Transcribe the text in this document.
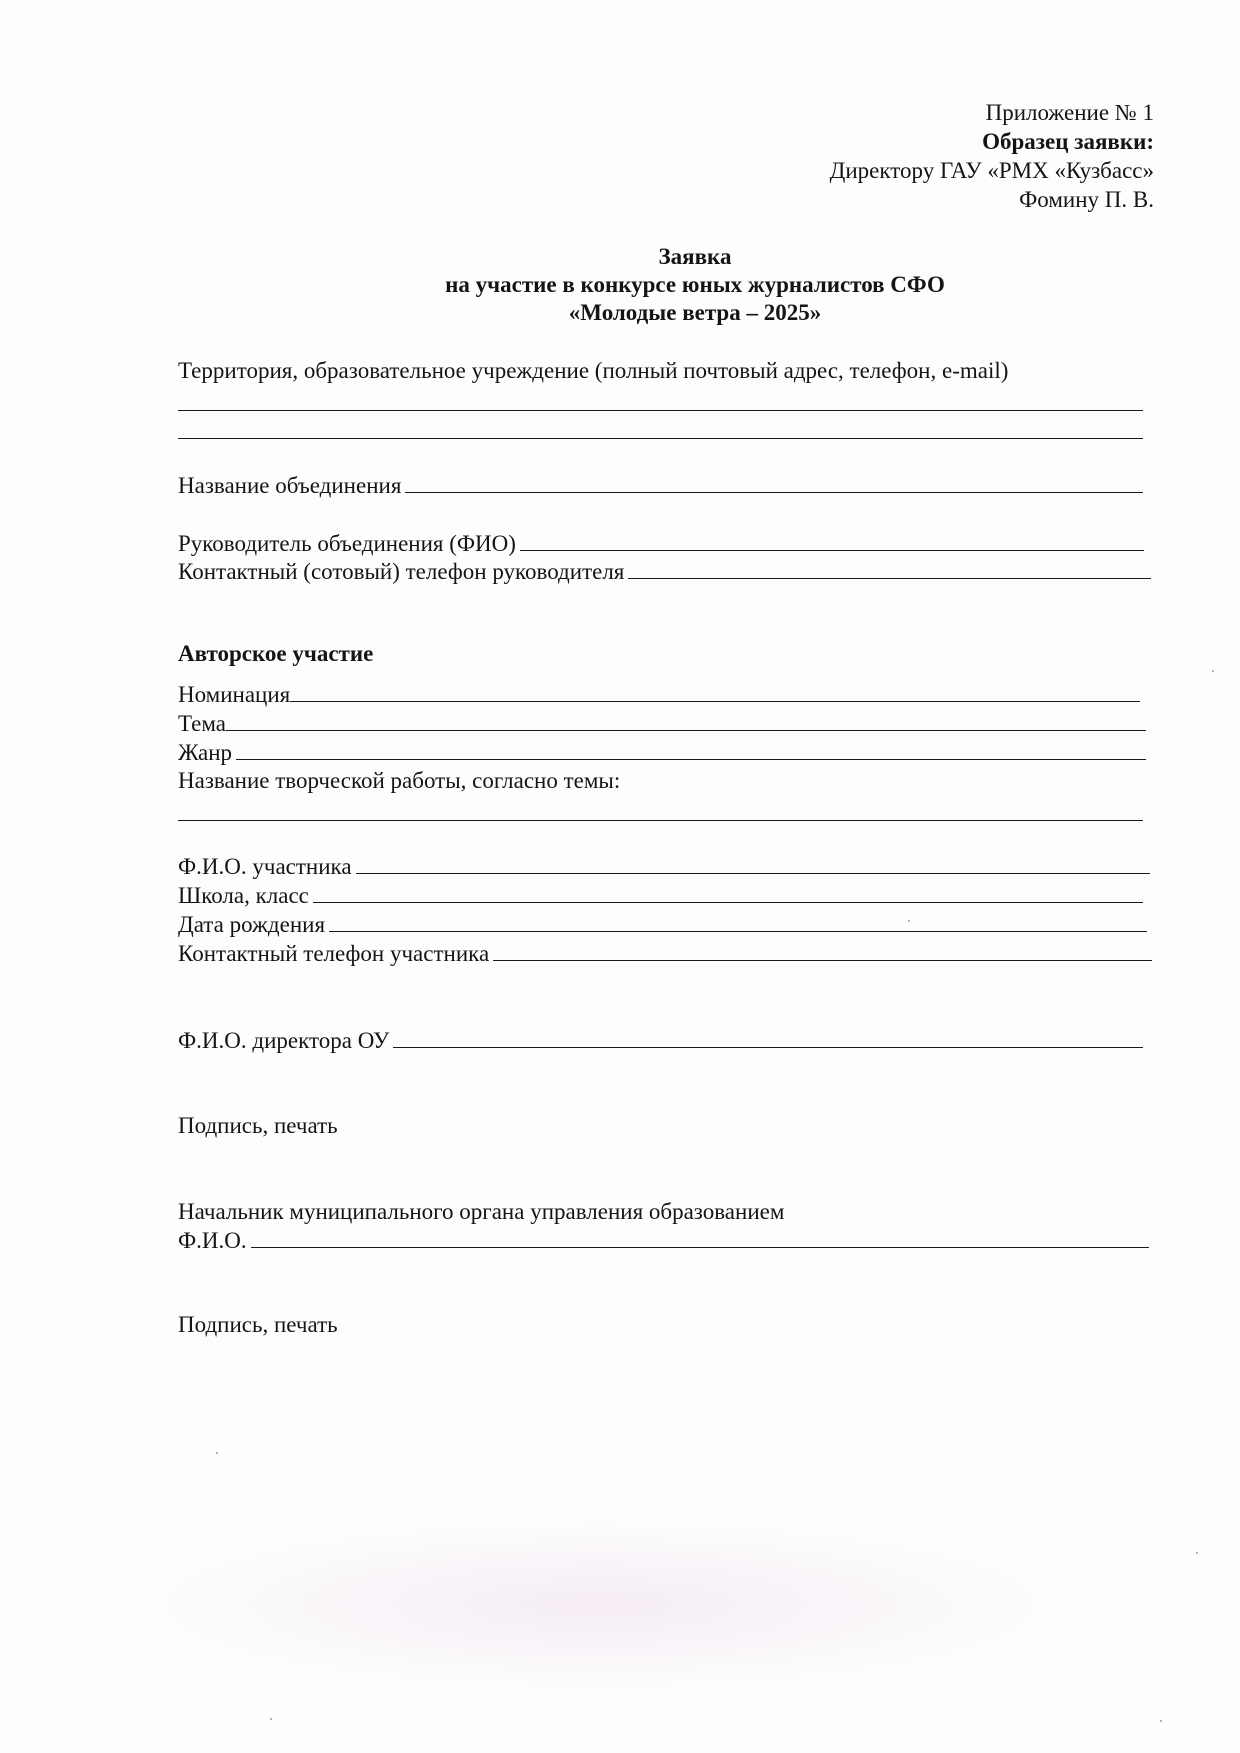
Приложение № 1
Образец заявки:
Директору ГАУ «РМХ «Кузбасс»
Фомину П. В.
Заявка
на участие в конкурсе юных журналистов СФО
«Молодые ветра – 2025»
Территория, образовательное учреждение (полный почтовый адрес, телефон, e-mail)
Название объединения
Руководитель объединения (ФИО)
Контактный (сотовый) телефон руководителя
Авторское участие
Номинация
Тема
Жанр
Название творческой работы, согласно темы:
Ф.И.О. участника
Школа, класс
Дата рождения
Контактный телефон участника
Ф.И.О. директора ОУ
Подпись, печать
Начальник муниципального органа управления образованием
Ф.И.О.
Подпись, печать
